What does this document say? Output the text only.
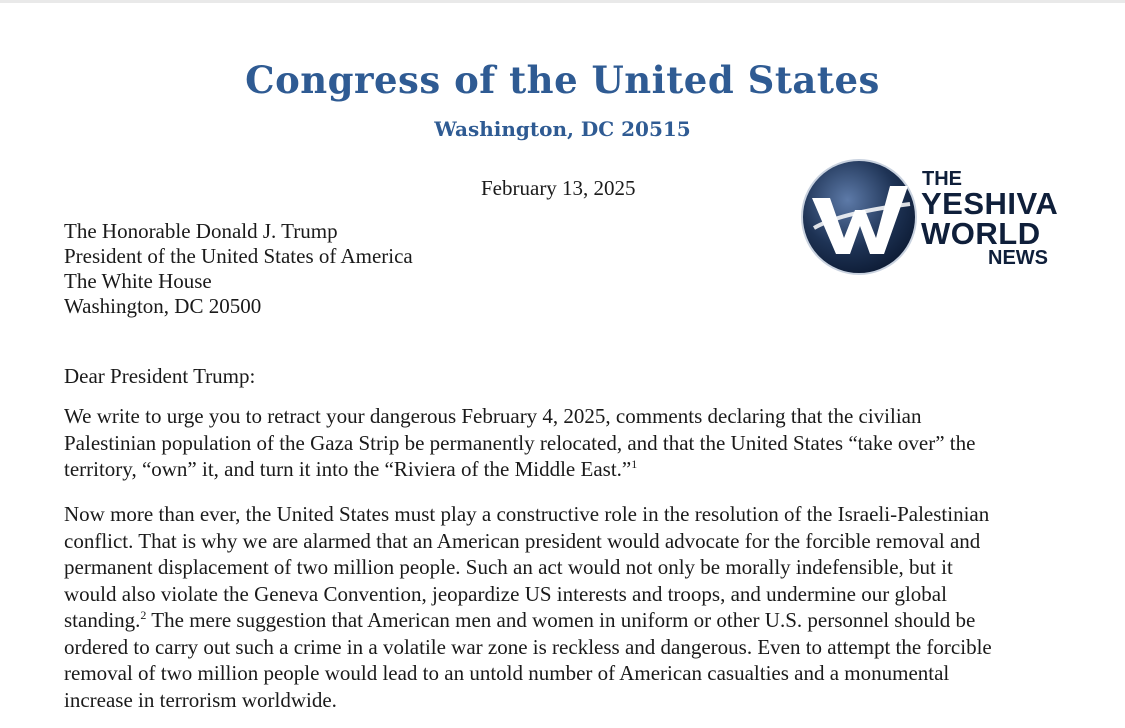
Congress of the United States
Washington, DC 20515
February 13, 2025
The Honorable Donald J. Trump
President of the United States of America
The White House
Washington, DC 20500
Dear President Trump:
We write to urge you to retract your dangerous February 4, 2025, comments declaring that the civilian
Palestinian population of the Gaza Strip be permanently relocated, and that the United States “take over” the
territory, “own” it, and turn it into the “Riviera of the Middle East.”$^1$
Now more than ever, the United States must play a constructive role in the resolution of the Israeli-Palestinian
conflict. That is why we are alarmed that an American president would advocate for the forcible removal and
permanent displacement of two million people. Such an act would not only be morally indefensible, but it
would also violate the Geneva Convention, jeopardize US interests and troops, and undermine our global
standing.$^2$ The mere suggestion that American men and women in uniform or other U.S. personnel should be
ordered to carry out such a crime in a volatile war zone is reckless and dangerous. Even to attempt the forcible
removal of two million people would lead to an untold number of American casualties and a monumental
increase in terrorism worldwide.
THE
YESHIVA
WORLD
NEWS
